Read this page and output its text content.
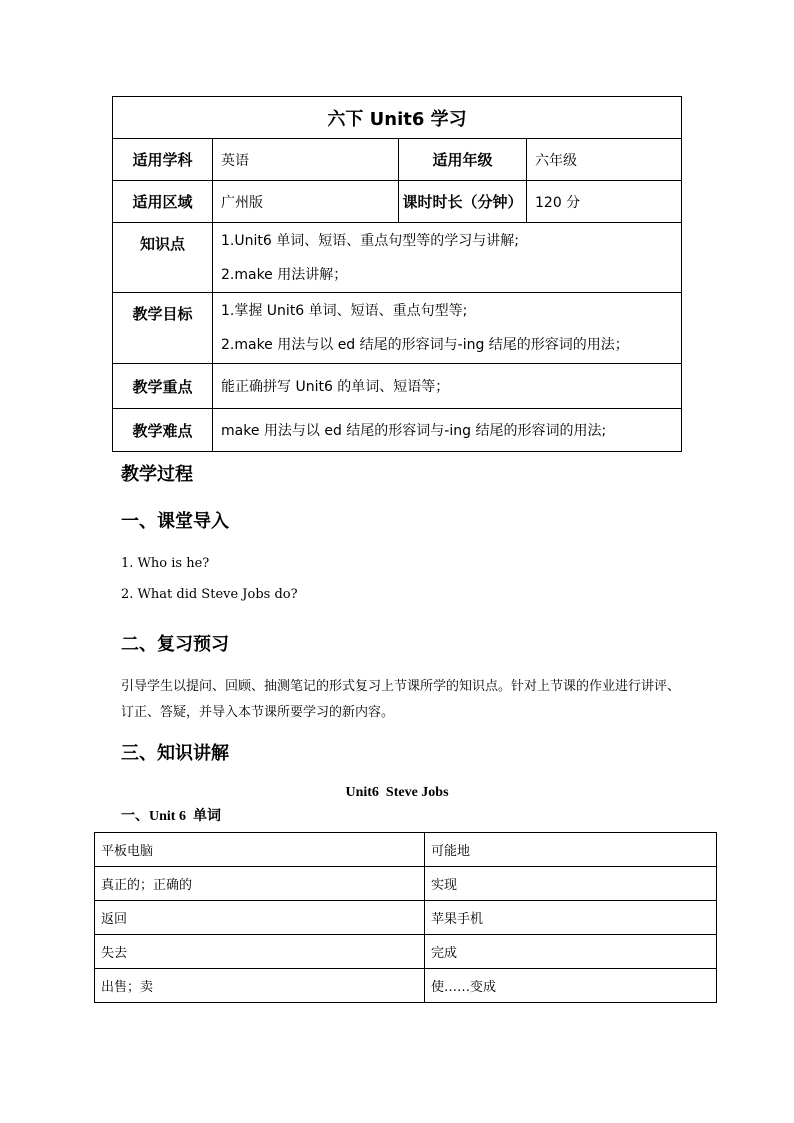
六下 Unit6 学习			
适用学科	英语	适用年级	六年级
适用区域	广州版	课时时长（分钟）	120 分
知识点	1.Unit6 单词、短语、重点句型等的学习与讲解;
2.make 用法讲解；		

教学目标	1.掌握 Unit6 单词、短语、重点句型等;
2.make 用法与以 ed 结尾的形容词与-ing 结尾的形容词的用法；		

教学重点	能正确拼写 Unit6 的单词、短语等；		
教学难点	make 用法与以 ed 结尾的形容词与-ing 结尾的形容词的用法;		
教学过程
一、课堂导入

1. Who is he?

2. What did Steve Jobs do?

二、复习预习

引导学生以提问、回顾、抽测笔记的形式复习上节课所学的知识点。针对上节课的作业进行讲评、订正、答疑，并导入本节课所要学习的新内容。

三、知识讲解

Unit6  Steve Jobs

一、Unit 6  单词

平板电脑	可能地
真正的；正确的	实现
返回	苹果手机
失去	完成
出售；卖	使……变成
